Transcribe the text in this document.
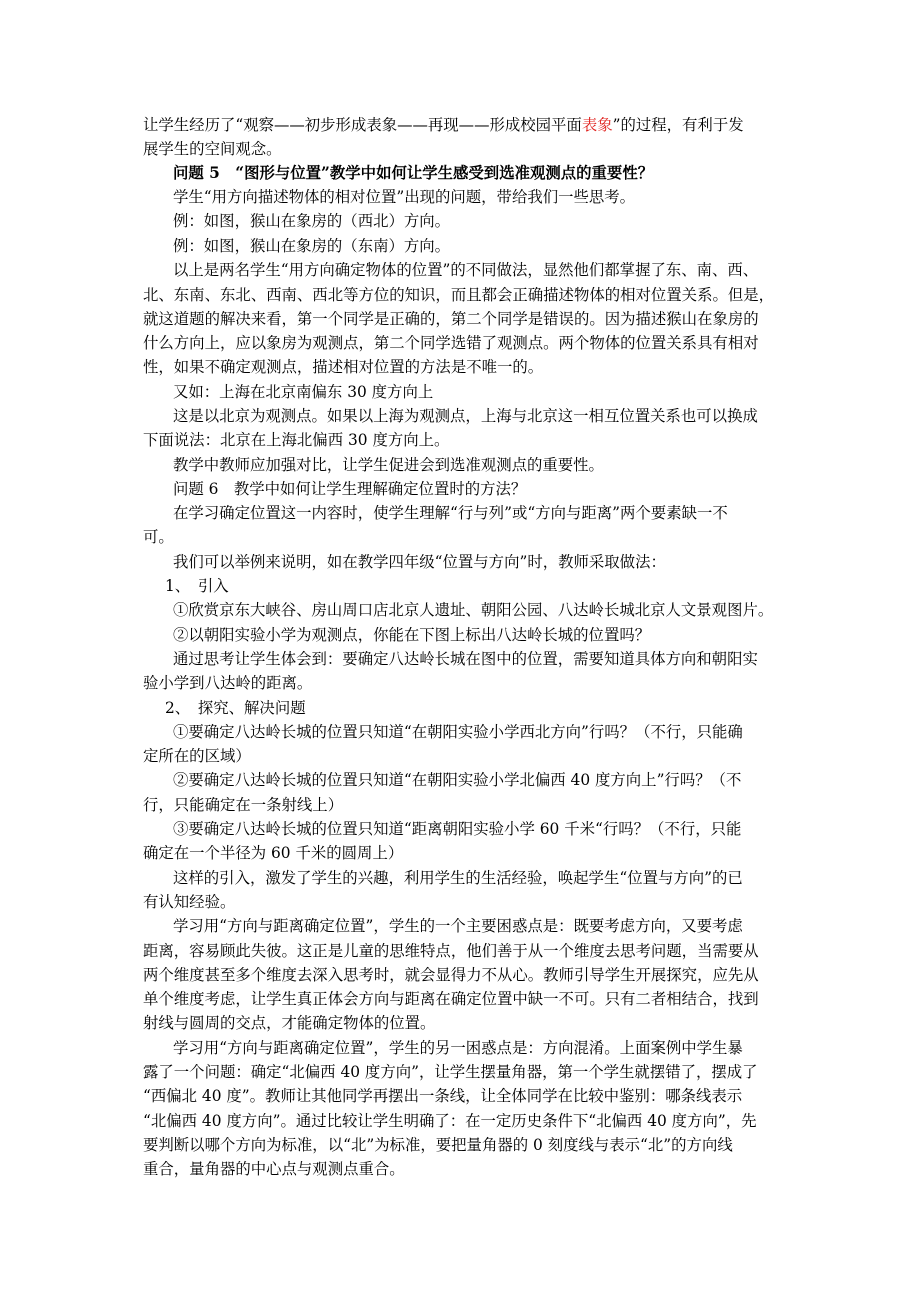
让学生经历了“观察——初步形成表象——再现——形成校园平面表象”的过程，有利于发

展学生的空间观念。

问题 5　“图形与位置”教学中如何让学生感受到选准观测点的重要性？

学生“用方向描述物体的相对位置”出现的问题，带给我们一些思考。

例：如图，猴山在象房的（西北）方向。

例：如图，猴山在象房的（东南）方向。

以上是两名学生“用方向确定物体的位置”的不同做法，显然他们都掌握了东、南、西、

北、东南、东北、西南、西北等方位的知识，而且都会正确描述物体的相对位置关系。但是，

就这道题的解决来看，第一个同学是正确的，第二个同学是错误的。因为描述猴山在象房的

什么方向上，应以象房为观测点，第二个同学选错了观测点。两个物体的位置关系具有相对

性，如果不确定观测点，描述相对位置的方法是不唯一的。

又如：上海在北京南偏东 30 度方向上

这是以北京为观测点。如果以上海为观测点，上海与北京这一相互位置关系也可以换成

下面说法：北京在上海北偏西 30 度方向上。

教学中教师应加强对比，让学生促进会到选准观测点的重要性。

问题 6　教学中如何让学生理解确定位置时的方法？

在学习确定位置这一内容时，使学生理解“行与列”或“方向与距离”两个要素缺一不

可。

我们可以举例来说明，如在教学四年级“位置与方向”时，教师采取做法：

1、　引入

①欣赏京东大峡谷、房山周口店北京人遗址、朝阳公园、八达岭长城北京人文景观图片。

②以朝阳实验小学为观测点，你能在下图上标出八达岭长城的位置吗？

通过思考让学生体会到：要确定八达岭长城在图中的位置，需要知道具体方向和朝阳实

验小学到八达岭的距离。

2、　探究、解决问题

①要确定八达岭长城的位置只知道“在朝阳实验小学西北方向”行吗？（不行，只能确

定所在的区域）

②要确定八达岭长城的位置只知道“在朝阳实验小学北偏西 40 度方向上”行吗？（不

行，只能确定在一条射线上）

③要确定八达岭长城的位置只知道“距离朝阳实验小学 60 千米“行吗？（不行，只能

确定在一个半径为 60 千米的圆周上）

这样的引入，激发了学生的兴趣，利用学生的生活经验，唤起学生“位置与方向”的已

有认知经验。

学习用“方向与距离确定位置”，学生的一个主要困惑点是：既要考虑方向，又要考虑

距离，容易顾此失彼。这正是儿童的思维特点，他们善于从一个维度去思考问题，当需要从

两个维度甚至多个维度去深入思考时，就会显得力不从心。教师引导学生开展探究，应先从

单个维度考虑，让学生真正体会方向与距离在确定位置中缺一不可。只有二者相结合，找到

射线与圆周的交点，才能确定物体的位置。

学习用“方向与距离确定位置”，学生的另一困惑点是：方向混淆。上面案例中学生暴

露了一个问题：确定“北偏西 40 度方向”，让学生摆量角器，第一个学生就摆错了，摆成了

“西偏北 40 度”。教师让其他同学再摆出一条线，让全体同学在比较中鉴别：哪条线表示

“北偏西 40 度方向”。通过比较让学生明确了：在一定历史条件下“北偏西 40 度方向”，先

要判断以哪个方向为标准，以“北”为标准，要把量角器的 0 刻度线与表示“北”的方向线

重合，量角器的中心点与观测点重合。
